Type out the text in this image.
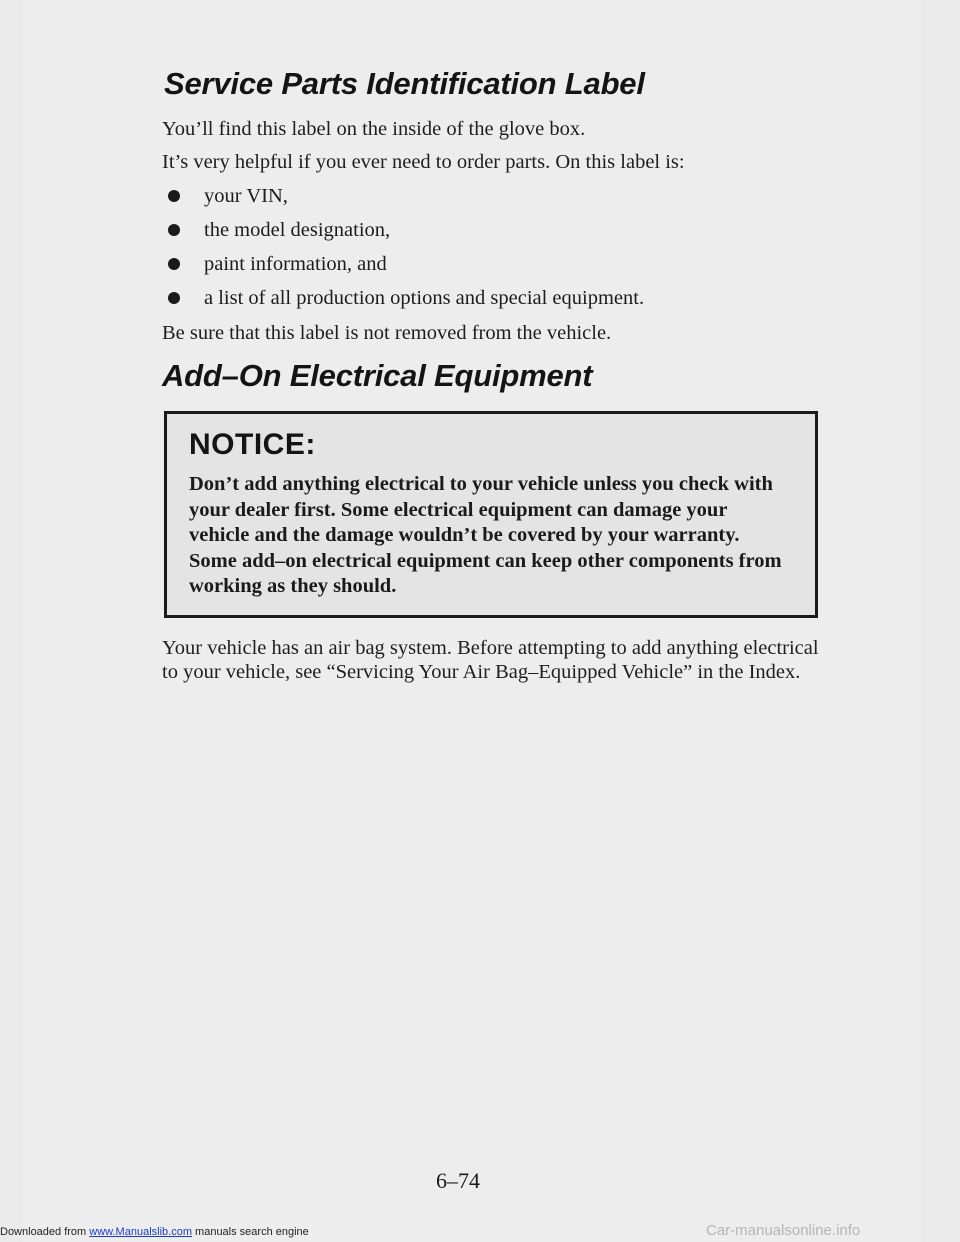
Service Parts Identification Label

You’ll find this label on the inside of the glove box.

It’s very helpful if you ever need to order parts. On this label is:

your VIN,
the model designation,
paint information, and
a list of all production options and special equipment.

Be sure that this label is not removed from the vehicle.

Add–On Electrical Equipment

Your vehicle has an air bag system. Before attempting to add anything electrical to your vehicle, see “Servicing Your Air Bag–Equipped Vehicle” in the Index.

NOTICE:

Don’t add anything electrical to your vehicle unless you check with your dealer first. Some electrical equipment can damage your vehicle and the damage wouldn’t be covered by your warranty. Some add–on electrical equipment can keep other components from working as they should.

6–74

Downloaded from www.Manualslib.com manuals search engine	Car-manualsonline.info
